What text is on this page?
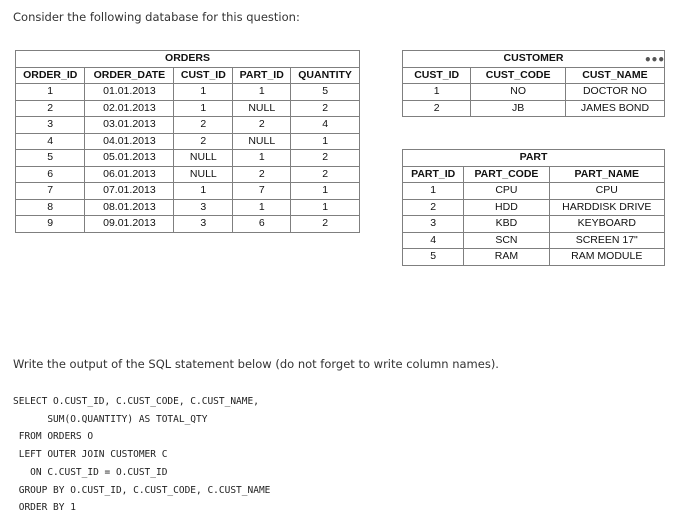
Consider the following database for this question:
•••
ORDERS				
ORDER_ID	ORDER_DATE	CUST_ID	PART_ID	QUANTITY
1	01.01.2013	1	1	5
2	02.01.2013	1	NULL	2
3	03.01.2013	2	2	4
4	04.01.2013	2	NULL	1
5	05.01.2013	NULL	1	2
6	06.01.2013	NULL	2	2
7	07.01.2013	1	7	1
8	08.01.2013	3	1	1
9	09.01.2013	3	6	2
CUSTOMER		
CUST_ID	CUST_CODE	CUST_NAME
1	NO	DOCTOR NO
2	JB	JAMES BOND
PART		
PART_ID	PART_CODE	PART_NAME
1	CPU	CPU
2	HDD	HARDDISK DRIVE
3	KBD	KEYBOARD
4	SCN	SCREEN 17"
5	RAM	RAM MODULE
Write the output of the SQL statement below (do not forget to write column names).
SELECT O.CUST_ID, C.CUST_CODE, C.CUST_NAME,
SUM(O.QUANTITY) AS TOTAL_QTY
FROM ORDERS O
LEFT OUTER JOIN CUSTOMER C
ON C.CUST_ID = O.CUST_ID
GROUP BY O.CUST_ID, C.CUST_CODE, C.CUST_NAME
ORDER BY 1
